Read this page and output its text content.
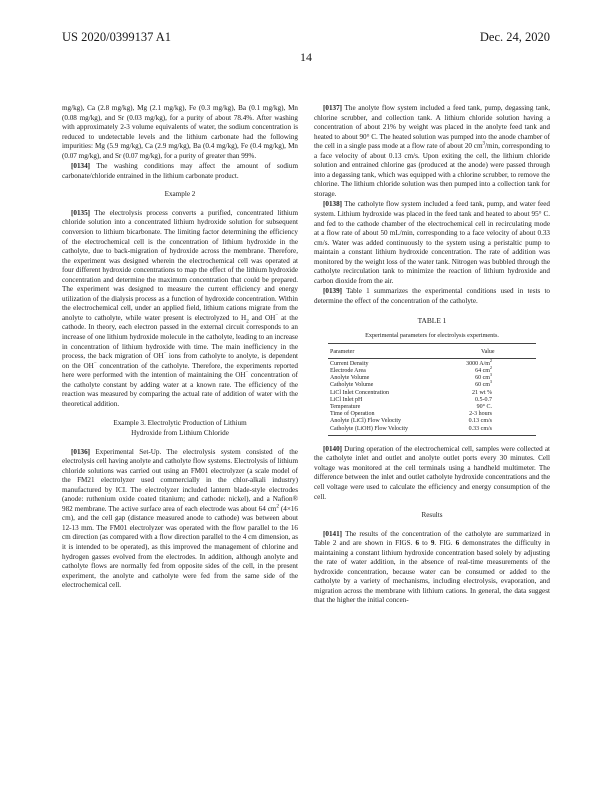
US 2020/0399137 A1	Dec. 24, 2020
14

mg/kg), Ca (2.8 mg/kg), Mg (2.1 mg/kg), Fe (0.3 mg/kg), Ba (0.1 mg/kg), Mn (0.08 mg/kg), and Sr (0.03 mg/kg), for a purity of about 78.4%. After washing with approximately 2-3 volume equivalents of water, the sodium concentration is reduced to undetectable levels and the lithium carbonate had the following impurities: Mg (5.9 mg/kg), Ca (2.9 mg/kg), Ba (0.4 mg/kg), Fe (0.4 mg/kg), Mn (0.07 mg/kg), and Sr (0.07 mg/kg), for a purity of greater than 99%.

[0134] The washing conditions may affect the amount of sodium carbonate/chloride entrained in the lithium carbonate product.

Example 2

[0135] The electrolysis process converts a purified, concentrated lithium chloride solution into a concentrated lithium hydroxide solution for subsequent conversion to lithium bicarbonate. The limiting factor determining the efficiency of the electrochemical cell is the concentration of lithium hydroxide in the catholyte, due to back-migration of hydroxide across the membrane. Therefore, the experiment was designed wherein the electrochemical cell was operated at four different hydroxide concentrations to map the effect of the lithium hydroxide concentration and determine the maximum concentration that could be prepared. The experiment was designed to measure the current efficiency and energy utilization of the dialysis process as a function of hydroxide concentration. Within the electrochemical cell, under an applied field, lithium cations migrate from the anolyte to catholyte, while water present is electrolyzed to $H_2$ and OH− at the cathode. In theory, each electron passed in the external circuit corresponds to an increase of one lithium hydroxide molecule in the catholyte, leading to an increase in concentration of lithium hydroxide with time. The main inefficiency in the process, the back migration of OH− ions from catholyte to anolyte, is dependent on the OH− concentration of the catholyte. Therefore, the experiments reported here were performed with the intention of maintaining the OH− concentration of the catholyte constant by adding water at a known rate. The efficiency of the reaction was measured by comparing the actual rate of addition of water with the theoretical addition.

Example 3. Electrolytic Production of Lithium
Hydroxide from Lithium Chloride

[0136] Experimental Set-Up. The electrolysis system consisted of the electrolysis cell having anolyte and catholyte flow systems. Electrolysis of lithium chloride solutions was carried out using an FM01 electrolyzer (a scale model of the FM21 electrolyzer used commercially in the chlor-alkali industry) manufactured by ICI. The electrolyzer included lantern blade-style electrodes (anode: ruthenium oxide coated titanium; and cathode: nickel), and a Nafion® 982 membrane. The active surface area of each electrode was about 64 $cm^2$ (4×16 cm), and the cell gap (distance measured anode to cathode) was between about 12-13 mm. The FM01 electrolyzer was operated with the flow parallel to the 16 cm direction (as compared with a flow direction parallel to the 4 cm dimension, as it is intended to be operated), as this improved the management of chlorine and hydrogen gasses evolved from the electrodes. In addition, although anolyte and catholyte flows are normally fed from opposite sides of the cell, in the present experiment, the anolyte and catholyte were fed from the same side of the electrochemical cell.

[0137] The anolyte flow system included a feed tank, pump, degassing tank, chlorine scrubber, and collection tank. A lithium chloride solution having a concentration of about 21% by weight was placed in the anolyte feed tank and heated to about 90° C. The heated solution was pumped into the anode chamber of the cell in a single pass mode at a flow rate of about 20 $cm^3/\min$, corresponding to a face velocity of about 0.13 cm/s. Upon exiting the cell, the lithium chloride solution and entrained chlorine gas (produced at the anode) were passed through into a degassing tank, which was equipped with a chlorine scrubber, to remove the chlorine. The lithium chloride solution was then pumped into a collection tank for storage.

[0138] The catholyte flow system included a feed tank, pump, and water feed system. Lithium hydroxide was placed in the feed tank and heated to about 95° C. and fed to the cathode chamber of the electrochemical cell in recirculating mode at a flow rate of about 50 mL/min, corresponding to a face velocity of about 0.33 cm/s. Water was added continuously to the system using a peristaltic pump to maintain a constant lithium hydroxide concentration. The rate of addition was monitored by the weight loss of the water tank. Nitrogen was bubbled through the catholyte recirculation tank to minimize the reaction of lithium hydroxide and carbon dioxide from the air.

[0139] Table 1 summarizes the experimental conditions used in tests to determine the effect of the concentration of the catholyte.

TABLE 1
Experimental parameters for electrolysis experiments.
Parameter	Value
Current Density	3000 $A/m^2$
Electrode Area	64 $cm^2$
Anolyte Volume	60 $cm^3$
Catholyte Volume	60 $cm^3$
LiCl Inlet Concentration	21 wt %
LiCl Inlet pH	0.5-0.7
Temperature	90° C.
Time of Operation	2-3 hours
Anolyte (LiCl) Flow Velocity	0.13 cm/s
Catholyte (LiOH) Flow Velocity	0.33 cm/s

[0140] During operation of the electrochemical cell, samples were collected at the catholyte inlet and outlet and anolyte outlet ports every 30 minutes. Cell voltage was monitored at the cell terminals using a handheld multimeter. The difference between the inlet and outlet catholyte hydroxide concentrations and the cell voltage were used to calculate the efficiency and energy consumption of the cell.

Results

[0141] The results of the concentration of the catholyte are summarized in Table 2 and are shown in FIGS. 6 to 9. FIG. 6 demonstrates the difficulty in maintaining a constant lithium hydroxide concentration based solely by adjusting the rate of water addition, in the absence of real-time measurements of the hydroxide concentration, because water can be consumed or added to the catholyte by a variety of mechanisms, including electrolysis, evaporation, and migration across the membrane with lithium cations. In general, the data suggest that the higher the initial concen-
